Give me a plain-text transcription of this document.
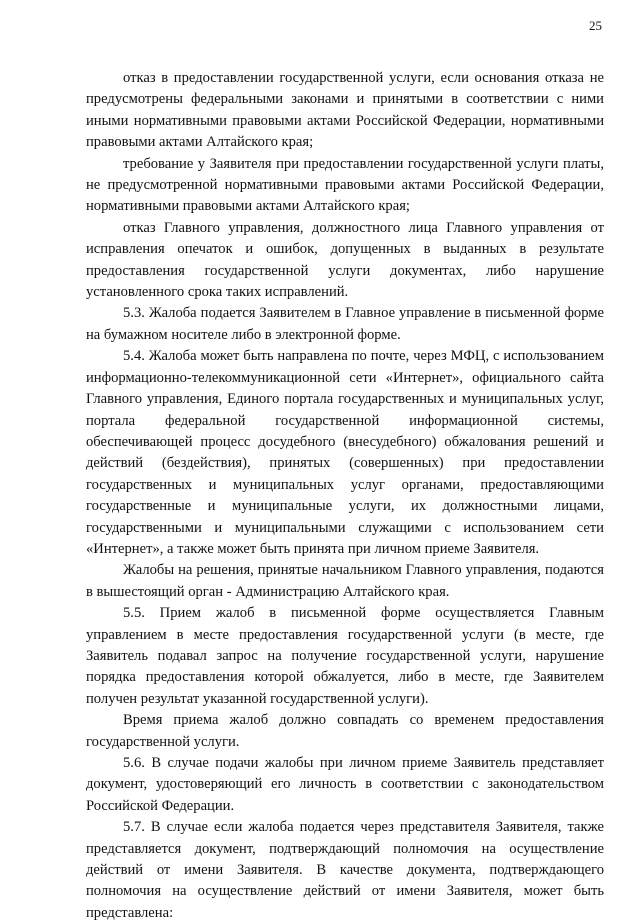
25

отказ в предоставлении государственной услуги, если основания отказа не предусмотрены федеральными законами и принятыми в соответствии с ними иными нормативными правовыми актами Российской Федерации, нормативными правовыми актами Алтайского края;

требование у Заявителя при предоставлении государственной услуги платы, не предусмотренной нормативными правовыми актами Российской Федерации, нормативными правовыми актами Алтайского края;

отказ Главного управления, должностного лица Главного управления от исправления опечаток и ошибок, допущенных в выданных в результате предоставления государственной услуги документах, либо нарушение установленного срока таких исправлений.

5.3. Жалоба подается Заявителем в Главное управление в письменной форме на бумажном носителе либо в электронной форме.

5.4. Жалоба может быть направлена по почте, через МФЦ, с использованием информационно-телекоммуникационной сети «Интернет», официального сайта Главного управления, Единого портала государственных и муниципальных услуг, портала федеральной государственной информационной системы, обеспечивающей процесс досудебного (внесудебного) обжалования решений и действий (бездействия), принятых (совершенных) при предоставлении государственных и муниципальных услуг органами, предоставляющими государственные и муниципальные услуги, их должностными лицами, государственными и муниципальными служащими с использованием сети «Интернет», а также может быть принята при личном приеме Заявителя.

Жалобы на решения, принятые начальником Главного управления, подаются в вышестоящий орган - Администрацию Алтайского края.

5.5. Прием жалоб в письменной форме осуществляется Главным управлением в месте предоставления государственной услуги (в месте, где Заявитель подавал запрос на получение государственной услуги, нарушение порядка предоставления которой обжалуется, либо в месте, где Заявителем получен результат указанной государственной услуги).

Время приема жалоб должно совпадать со временем предоставления государственной услуги.

5.6. В случае подачи жалобы при личном приеме Заявитель представляет документ, удостоверяющий его личность в соответствии с законодательством Российской Федерации.

5.7. В случае если жалоба подается через представителя Заявителя, также представляется документ, подтверждающий полномочия на осуществление действий от имени Заявителя. В качестве документа, подтверждающего полномочия на осуществление действий от имени Заявителя, может быть представлена:
